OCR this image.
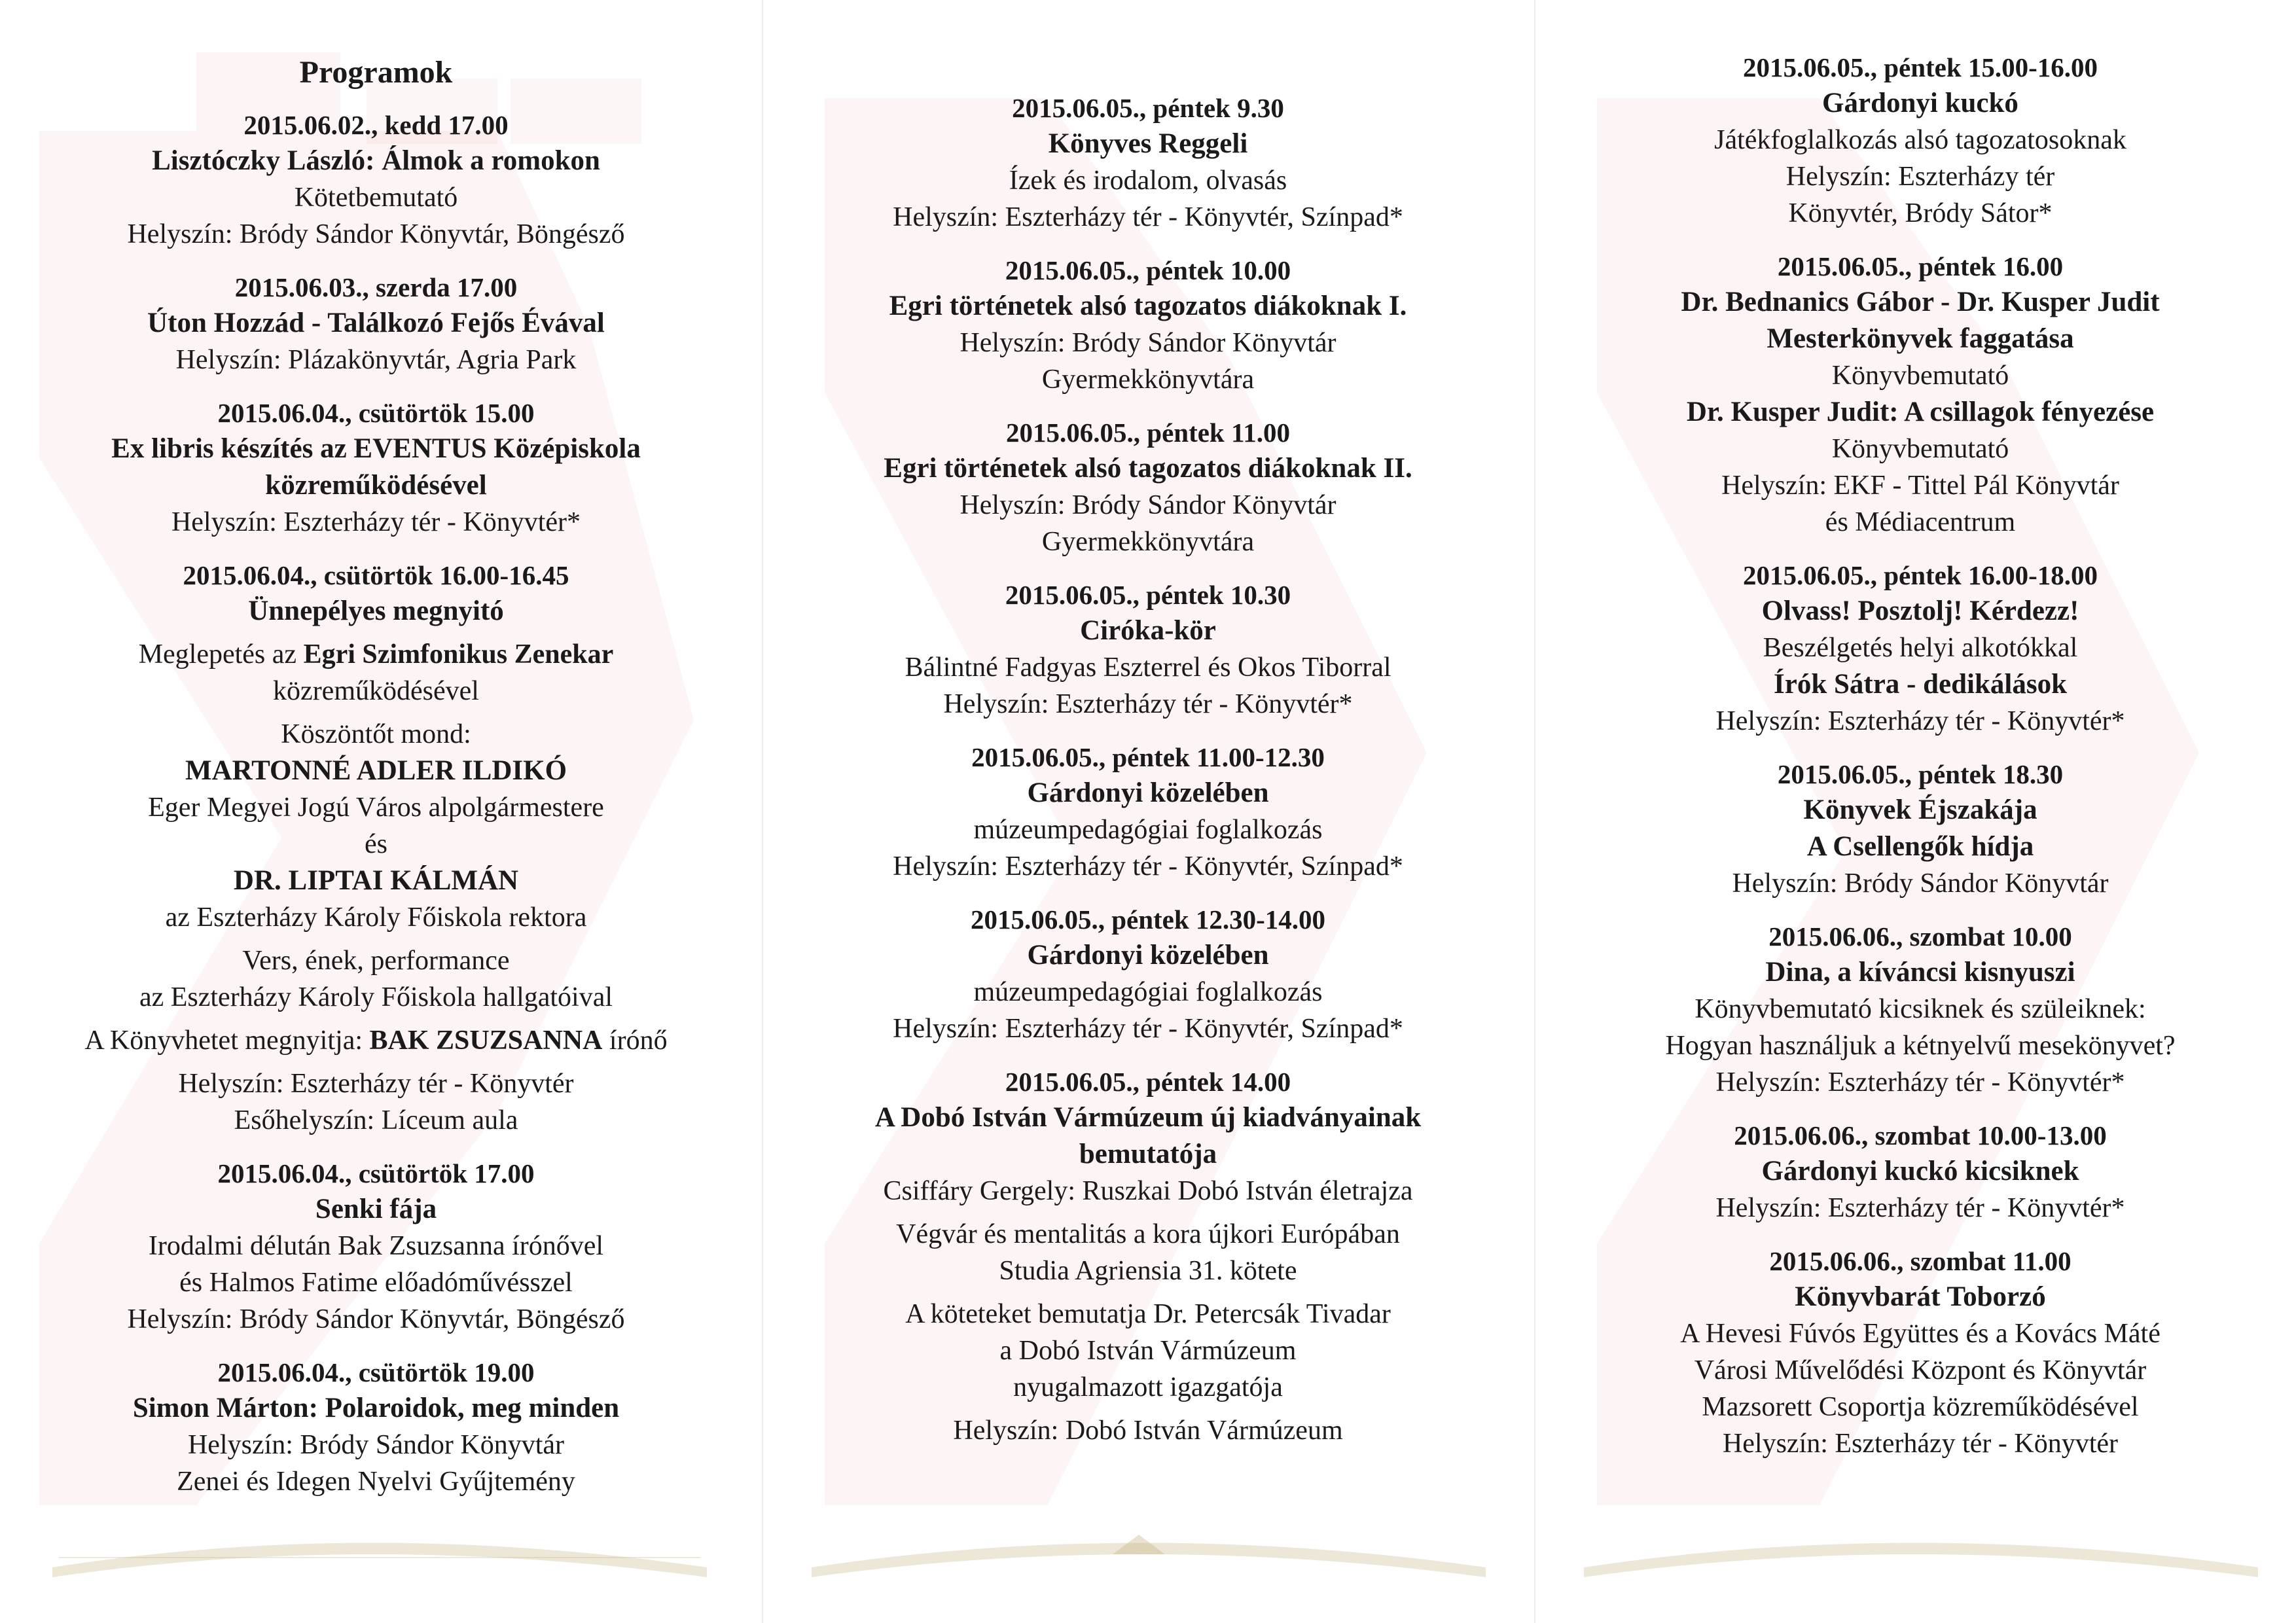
Programok

2015.06.02., kedd 17.00

Lisztóczky László: Álmok a romokon

Kötetbemutató

Helyszín: Bródy Sándor Könyvtár, Böngésző

2015.06.03., szerda 17.00

Úton Hozzád - Találkozó Fejős Évával

Helyszín: Plázakönyvtár, Agria Park

2015.06.04., csütörtök 15.00

Ex libris készítés az EVENTUS Középiskola közreműködésével

Helyszín: Eszterházy tér - Könyvtér*

2015.06.04., csütörtök 16.00-16.45

Ünnepélyes megnyitó

Meglepetés az Egri Szimfonikus Zenekar

közreműködésével

Köszöntőt mond:

MARTONNÉ ADLER ILDIKÓ

Eger Megyei Jogú Város alpolgármestere

és

DR. LIPTAI KÁLMÁN

az Eszterházy Károly Főiskola rektora

Vers, ének, performance

az Eszterházy Károly Főiskola hallgatóival

A Könyvhetet megnyitja: BAK ZSUZSANNA írónő

Helyszín: Eszterházy tér - Könyvtér

Esőhelyszín: Líceum aula

2015.06.04., csütörtök 17.00

Senki fája

Irodalmi délután Bak Zsuzsanna írónővel

és Halmos Fatime előadóművésszel

Helyszín: Bródy Sándor Könyvtár, Böngésző

2015.06.04., csütörtök 19.00

Simon Márton: Polaroidok, meg minden

Helyszín: Bródy Sándor Könyvtár

Zenei és Idegen Nyelvi Gyűjtemény

2015.06.05., péntek 9.30

Könyves Reggeli

Ízek és irodalom, olvasás

Helyszín: Eszterházy tér - Könyvtér, Színpad*

2015.06.05., péntek 10.00

Egri történetek alsó tagozatos diákoknak I.

Helyszín: Bródy Sándor Könyvtár

Gyermekkönyvtára

2015.06.05., péntek 11.00

Egri történetek alsó tagozatos diákoknak II.

Helyszín: Bródy Sándor Könyvtár

Gyermekkönyvtára

2015.06.05., péntek 10.30

Ciróka-kör

Bálintné Fadgyas Eszterrel és Okos Tiborral

Helyszín: Eszterházy tér - Könyvtér*

2015.06.05., péntek 11.00-12.30

Gárdonyi közelében

múzeumpedagógiai foglalkozás

Helyszín: Eszterházy tér - Könyvtér, Színpad*

2015.06.05., péntek 12.30-14.00

Gárdonyi közelében

múzeumpedagógiai foglalkozás

Helyszín: Eszterházy tér - Könyvtér, Színpad*

2015.06.05., péntek 14.00

A Dobó István Vármúzeum új kiadványainak bemutatója

Csiffáry Gergely: Ruszkai Dobó István életrajza

Végvár és mentalitás a kora újkori Európában

Studia Agriensia 31. kötete

A köteteket bemutatja Dr. Petercsák Tivadar

a Dobó István Vármúzeum

nyugalmazott igazgatója

Helyszín: Dobó István Vármúzeum

2015.06.05., péntek 15.00-16.00

Gárdonyi kuckó

Játékfoglalkozás alsó tagozatosoknak

Helyszín: Eszterházy tér

Könyvtér, Bródy Sátor*

2015.06.05., péntek 16.00

Dr. Bednanics Gábor - Dr. Kusper Judit

Mesterkönyvek faggatása

Könyvbemutató

Dr. Kusper Judit: A csillagok fényezése

Könyvbemutató

Helyszín: EKF - Tittel Pál Könyvtár

és Médiacentrum

2015.06.05., péntek 16.00-18.00

Olvass! Posztolj! Kérdezz!

Beszélgetés helyi alkotókkal

Írók Sátra - dedikálások

Helyszín: Eszterházy tér - Könyvtér*

2015.06.05., péntek 18.30

Könyvek Éjszakája

A Csellengők hídja

Helyszín: Bródy Sándor Könyvtár

2015.06.06., szombat 10.00

Dina, a kíváncsi kisnyuszi

Könyvbemutató kicsiknek és szüleiknek:

Hogyan használjuk a kétnyelvű mesekönyvet?

Helyszín: Eszterházy tér - Könyvtér*

2015.06.06., szombat 10.00-13.00

Gárdonyi kuckó kicsiknek

Helyszín: Eszterházy tér - Könyvtér*

2015.06.06., szombat 11.00

Könyvbarát Toborzó

A Hevesi Fúvós Együttes és a Kovács Máté

Városi Művelődési Központ és Könyvtár

Mazsorett Csoportja közreműködésével

Helyszín: Eszterházy tér - Könyvtér
